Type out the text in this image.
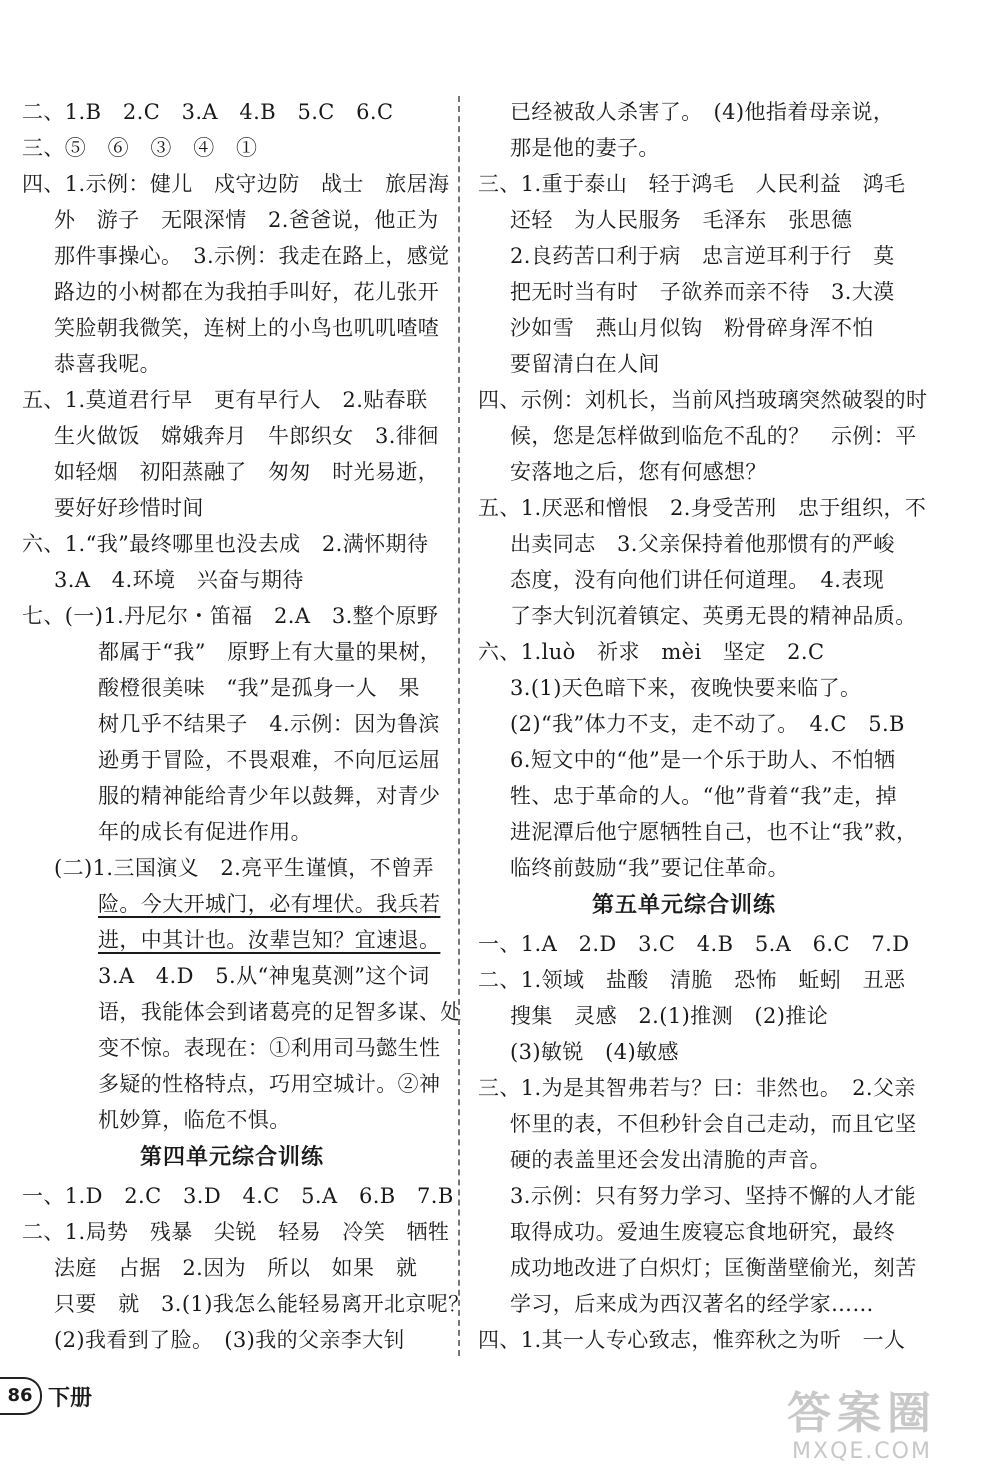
二、1.B　2.C　3.A　4.B　5.C　6.C
三、⑤　⑥　③　④　①
四、1.示例：健儿　戍守边防　战士　旅居海
外　游子　无限深情　2.爸爸说，他正为
那件事操心。　3.示例：我走在路上，感觉
路边的小树都在为我拍手叫好，花儿张开
笑脸朝我微笑，连树上的小鸟也叽叽喳喳
恭喜我呢。
五、1.莫道君行早　更有早行人　2.贴春联
生火做饭　嫦娥奔月　牛郎织女　3.徘徊
如轻烟　初阳蒸融了　匆匆　时光易逝，
要好好珍惜时间
六、1.“我”最终哪里也没去成　2.满怀期待
3.A　4.环境　兴奋与期待
七、(一)1.丹尼尔・笛福　2.A　3.整个原野
都属于“我”　原野上有大量的果树，
酸橙很美味　“我”是孤身一人　果
树几乎不结果子　4.示例：因为鲁滨
逊勇于冒险，不畏艰难，不向厄运屈
服的精神能给青少年以鼓舞，对青少
年的成长有促进作用。
(二)1.三国演义　2.亮平生谨慎，不曾弄
险。今大开城门，必有埋伏。我兵若
进，中其计也。汝辈岂知？宜速退。
3.A　4.D　5.从“神鬼莫测”这个词
语，我能体会到诸葛亮的足智多谋、处
变不惊。表现在：①利用司马懿生性
多疑的性格特点，巧用空城计。②神
机妙算，临危不惧。
第四单元综合训练
一、1.D　2.C　3.D　4.C　5.A　6.B　7.B
二、1.局势　残暴　尖锐　轻易　冷笑　牺牲
法庭　占据　2.因为　所以　如果　就
只要　就　3.(1)我怎么能轻易离开北京呢？
(2)我看到了脸。　(3)我的父亲李大钊
已经被敌人杀害了。　(4)他指着母亲说，
那是他的妻子。
三、1.重于泰山　轻于鸿毛　人民利益　鸿毛
还轻　为人民服务　毛泽东　张思德
2.良药苦口利于病　忠言逆耳利于行　莫
把无时当有时　子欲养而亲不待　3.大漠
沙如雪　燕山月似钩　粉骨碎身浑不怕
要留清白在人间
四、示例：刘机长，当前风挡玻璃突然破裂的时
候，您是怎样做到临危不乱的？　示例：平
安落地之后，您有何感想？
五、1.厌恶和憎恨　2.身受苦刑　忠于组织，不
出卖同志　3.父亲保持着他那惯有的严峻
态度，没有向他们讲任何道理。　4.表现
了李大钊沉着镇定、英勇无畏的精神品质。
六、1.luò　祈求　mèi　坚定　2.C
3.(1)天色暗下来，夜晚快要来临了。
(2)“我”体力不支，走不动了。　4.C　5.B
6.短文中的“他”是一个乐于助人、不怕牺
牲、忠于革命的人。“他”背着“我”走，掉
进泥潭后他宁愿牺牲自己，也不让“我”救，
临终前鼓励“我”要记住革命。
第五单元综合训练
一、1.A　2.D　3.C　4.B　5.A　6.C　7.D
二、1.领域　盐酸　清脆　恐怖　蚯蚓　丑恶
搜集　灵感　2.(1)推测　(2)推论
(3)敏锐　(4)敏感
三、1.为是其智弗若与？曰：非然也。　2.父亲
怀里的表，不但秒针会自己走动，而且它坚
硬的表盖里还会发出清脆的声音。
3.示例：只有努力学习、坚持不懈的人才能
取得成功。爱迪生废寝忘食地研究，最终
成功地改进了白炽灯；匡衡凿壁偷光，刻苦
学习，后来成为西汉著名的经学家……
四、1.其一人专心致志，惟弈秋之为听　一人
86 下册	答案圈
MXQE.COM
